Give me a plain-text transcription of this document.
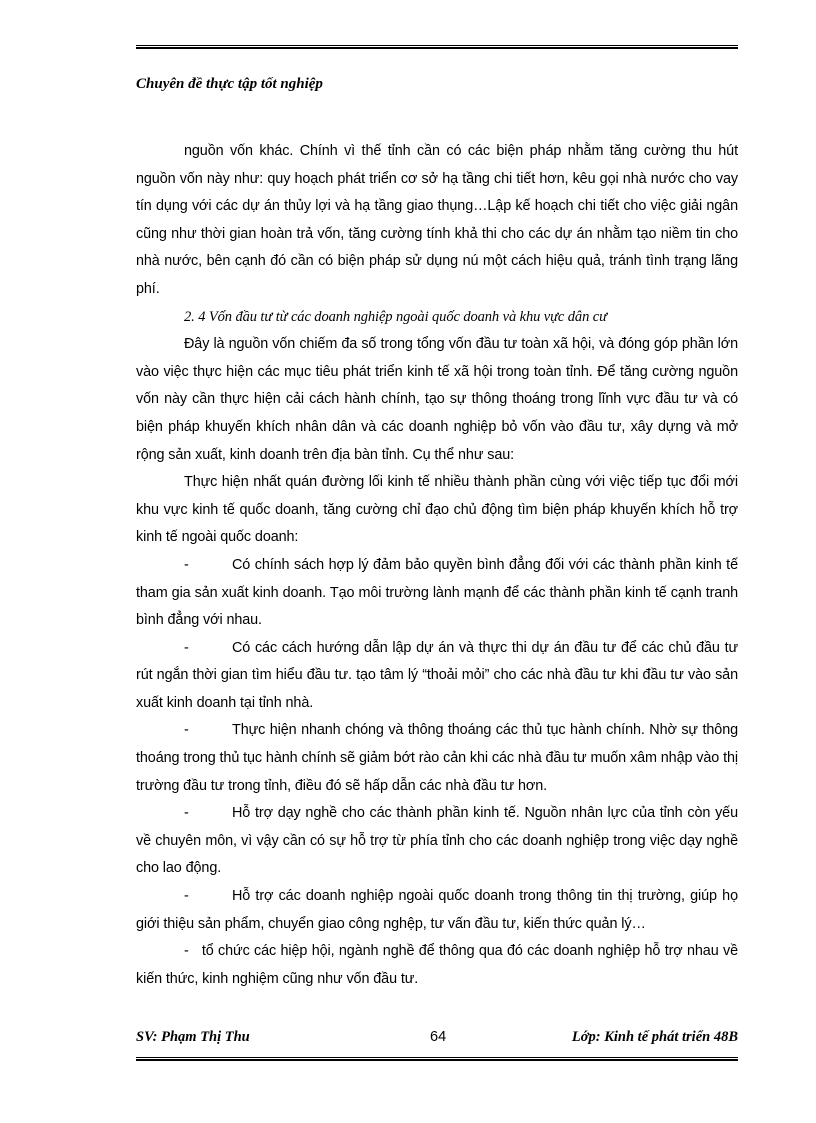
Chuyên đề thực tập tốt nghiệp

nguồn vốn khác. Chính vì thế tỉnh cần có các biện pháp nhằm tăng cường thu hút nguồn vốn này như: quy hoạch phát triển cơ sở hạ tầng chi tiết hơn, kêu gọi nhà nước cho vay tín dụng với các dự án thủy lợi và hạ tầng giao thụng…Lập kế hoạch chi tiết cho việc giải ngân cũng như thời gian hoàn trả vốn, tăng cường tính khả thi cho các dự án nhằm tạo niềm tin cho nhà nước, bên cạnh đó cần có biện pháp sử dụng nú một cách hiệu quả, tránh tình trạng lãng phí.

2. 4 Vốn đầu tư từ các doanh nghiệp ngoài quốc doanh và khu vực dân cư

Đây là nguồn vốn chiếm đa số trong tổng vốn đầu tư toàn xã hội, và đóng góp phần lớn vào việc thực hiện các mục tiêu phát triển kinh tế xã hội trong toàn tỉnh. Để tăng cường nguồn vốn này cần thực hiện cải cách hành chính, tạo sự thông thoáng trong lĩnh vực đầu tư và có biện pháp khuyến khích nhân dân và các doanh nghiệp bỏ vốn vào đầu tư, xây dựng và mở rộng sản xuất, kinh doanh trên địa bàn tỉnh. Cụ thể như sau:

Thực hiện nhất quán đường lối kinh tế nhiều thành phần cùng với việc tiếp tục đổi mới khu vực kinh tế quốc doanh, tăng cường chỉ đạo chủ động tìm biện pháp khuyến khích hỗ trợ kinh tế ngoài quốc doanh:

-	Có chính sách hợp lý đảm bảo quyền bình đẳng đối với các thành phần kinh tế tham gia sản xuất kinh doanh. Tạo môi trường lành mạnh để các thành phần kinh tế cạnh tranh bình đẳng với nhau.

-	Có các cách hướng dẫn lập dự án và thực thi dự án đầu tư để các chủ đầu tư rút ngắn thời gian tìm hiểu đầu tư. tạo tâm lý “thoải mỏi” cho các nhà đầu tư khi đầu tư vào sản xuất kinh doanh tại tỉnh nhà.

-	Thực hiện nhanh chóng và thông thoáng các thủ tục hành chính. Nhờ sự thông thoáng trong thủ tục hành chính sẽ giảm bớt rào cản khi các nhà đầu tư muốn xâm nhập vào thị trường đầu tư trong tỉnh, điều đó sẽ hấp dẫn các nhà đầu tư hơn.

-	Hỗ trợ dạy nghề cho các thành phần kinh tế. Nguồn nhân lực của tỉnh còn yếu về chuyên môn, vì vậy cần có sự hỗ trợ từ phía tỉnh cho các doanh nghiệp trong việc dạy nghề cho lao động.

-	Hỗ trợ các doanh nghiệp ngoài quốc doanh trong thông tin thị trường, giúp họ giới thiệu sản phẩm, chuyển giao công nghệp, tư vấn đầu tư, kiến thức quản lý…

- tổ chức các hiệp hội, ngành nghề để thông qua đó các doanh nghiệp hỗ trợ nhau về kiến thức, kinh nghiệm cũng như vốn đầu tư.

SV: Phạm Thị Thu	64	Lớp: Kinh tế phát triển 48B
